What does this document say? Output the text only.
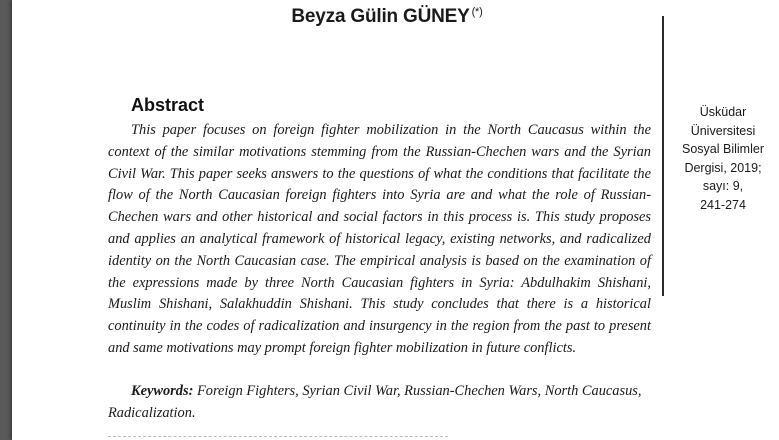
Beyza Gülin GÜNEY (*)
Üsküdar
Üniversitesi
Sosyal Bilimler
Dergisi, 2019;
sayı: 9,
241-274
Abstract

This paper focuses on foreign fighter mobilization in the North Caucasus within the context of the similar motivations stemming from the Russian-Chechen wars and the Syrian Civil War. This paper seeks answers to the questions of what the conditions that facilitate the flow of the North Caucasian foreign fighters into Syria are and what the role of Russian-Chechen wars and other historical and social factors in this process is. This study proposes and applies an analytical framework of historical legacy, existing networks, and radicalized identity on the North Caucasian case. The empirical analysis is based on the examination of the expressions made by three North Caucasian fighters in Syria: Abdulhakim Shishani, Muslim Shishani, Salakhuddin Shishani. This study concludes that there is a historical continuity in the codes of radicalization and insurgency in the region from the past to present and same motivations may prompt foreign fighter mobilization in future conflicts.

Keywords: Foreign Fighters, Syrian Civil War, Russian-Chechen Wars, North Caucasus, Radicalization.
